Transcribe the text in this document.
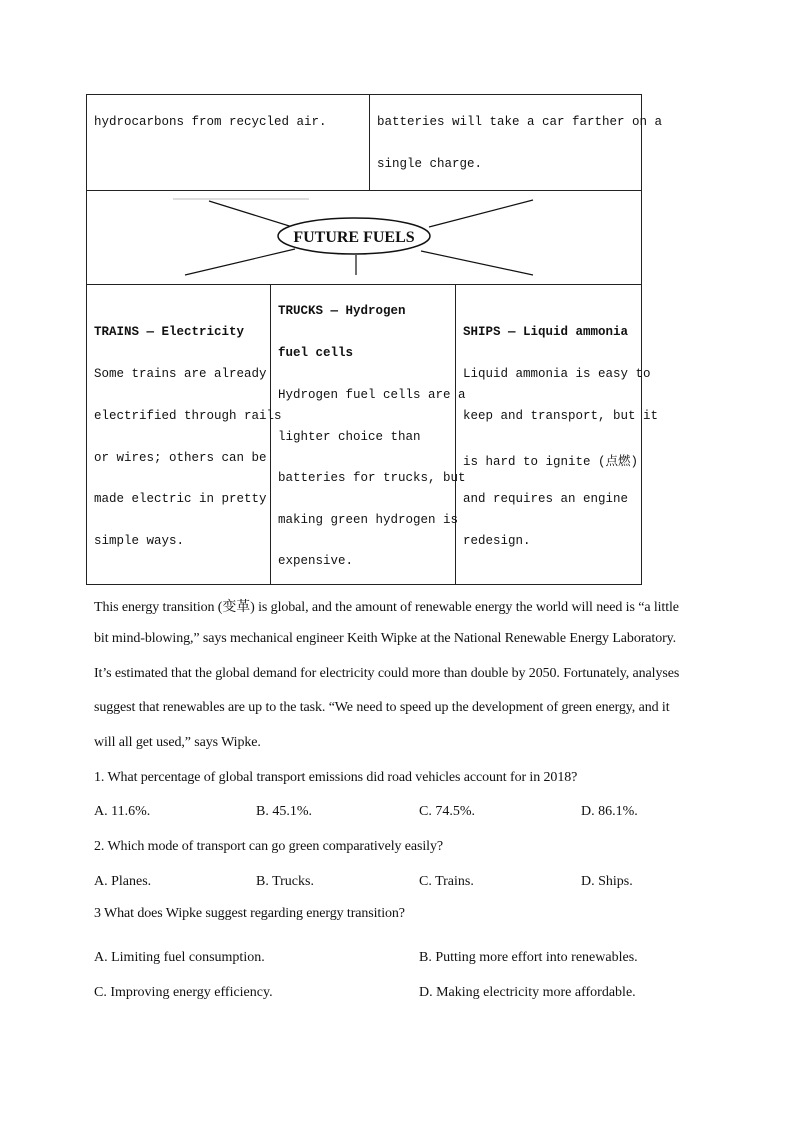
hydrocarbons from recycled air.	batteries will take a car farther on a
single charge.
FUTURE FUELS
TRAINS — Electricity
Some trains are already
electrified through rails
or wires; others can be
made electric in pretty
simple ways.
TRUCKS — Hydrogen
fuel cells
Hydrogen fuel cells are a
lighter choice than
batteries for trucks, but
making green hydrogen is
expensive.
SHIPS — Liquid ammonia
Liquid ammonia is easy to
keep and transport, but it
is hard to ignite (点燃)
and requires an engine
redesign.
This energy transition (变革) is global, and the amount of renewable energy the world will need is “a little
bit mind-blowing,” says mechanical engineer Keith Wipke at the National Renewable Energy Laboratory.
It’s estimated that the global demand for electricity could more than double by 2050. Fortunately, analyses
suggest that renewables are up to the task. “We need to speed up the development of green energy, and it
will all get used,” says Wipke.
1. What percentage of global transport emissions did road vehicles account for in 2018?
A. 11.6%.	B. 45.1%.	C. 74.5%.	D. 86.1%.
2. Which mode of transport can go green comparatively easily?
A. Planes.	B. Trucks.	C. Trains.	D. Ships.
3 What does Wipke suggest regarding energy transition?
A. Limiting fuel consumption.	B. Putting more effort into renewables.
C. Improving energy efficiency.	D. Making electricity more affordable.
